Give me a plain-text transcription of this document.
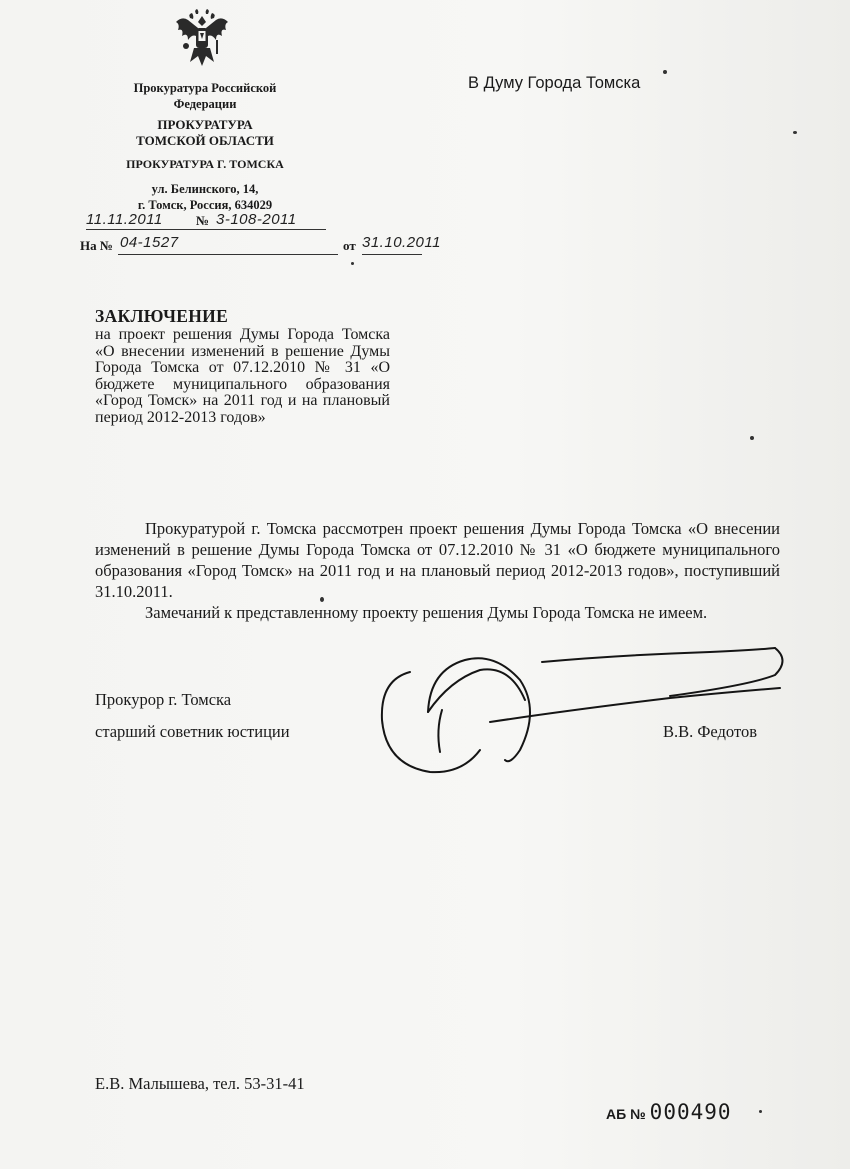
Прокуратура Российской
Федерации
ПРОКУРАТУРА
ТОМСКОЙ ОБЛАСТИ
ПРОКУРАТУРА Г. ТОМСКА
ул. Белинского, 14,
г. Томск, Россия, 634029
11.11.2011	№ 3-108-2011
На № 04-1527	от 31.10.2011
В Думу Города Томска
ЗАКЛЮЧЕНИЕ
на проект решения Думы Города Томска «О внесении изменений в решение Думы Города Томска от 07.12.2010 № 31 «О бюджете муниципального образования «Город Томск» на 2011 год и на плановый период 2012-2013 годов»

Прокуратурой г. Томска рассмотрен проект решения Думы Города Томска «О внесении изменений в решение Думы Города Томска от 07.12.2010 № 31 «О бюджете муниципального образования «Город Томск» на 2011 год и на плановый период 2012-2013 годов», поступивший 31.10.2011.

Замечаний к представленному проекту решения Думы Города Томска не имеем.

Прокурор г. Томска
старший советник юстиции	В.В. Федотов
Е.В. Малышева, тел. 53-31-41
АБ № 000490
